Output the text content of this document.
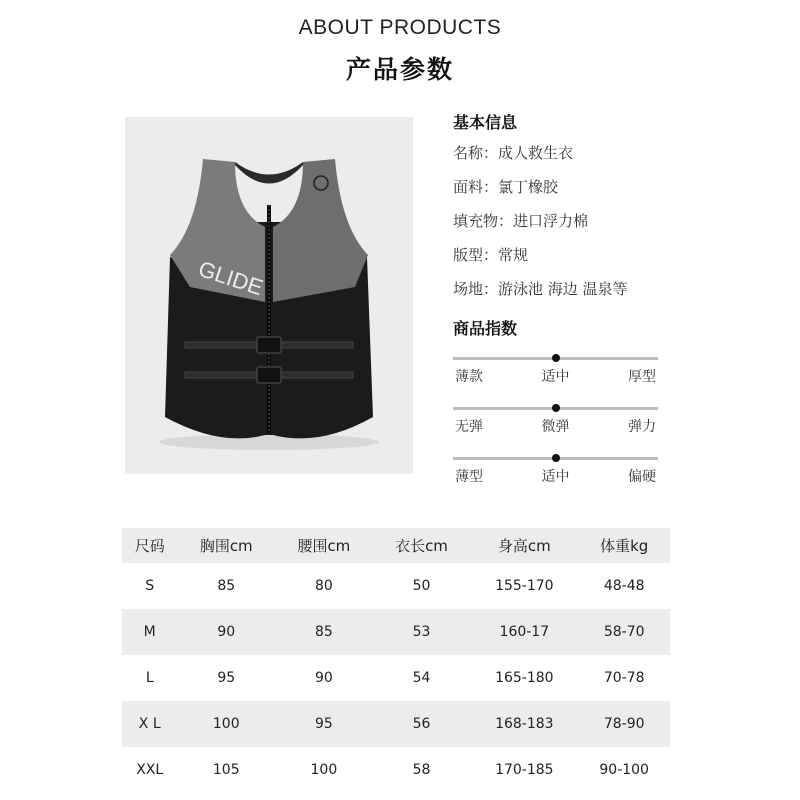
ABOUT PRODUCTS
产品参数
GLIDE
基本信息
名称：成人救生衣
面料：氯丁橡胶
填充物：进口浮力棉
版型：常规
场地：游泳池 海边 温泉等
商品指数
薄款	适中	厚型
无弹	微弹	弹力
薄型	适中	偏硬
尺码	胸围cm	腰围cm	衣长cm	身高cm	体重kg
S	85	80	50	155-170	48-48
M	90	85	53	160-17	58-70
L	95	90	54	165-180	70-78
X L	100	95	56	168-183	78-90
XXL	105	100	58	170-185	90-100
